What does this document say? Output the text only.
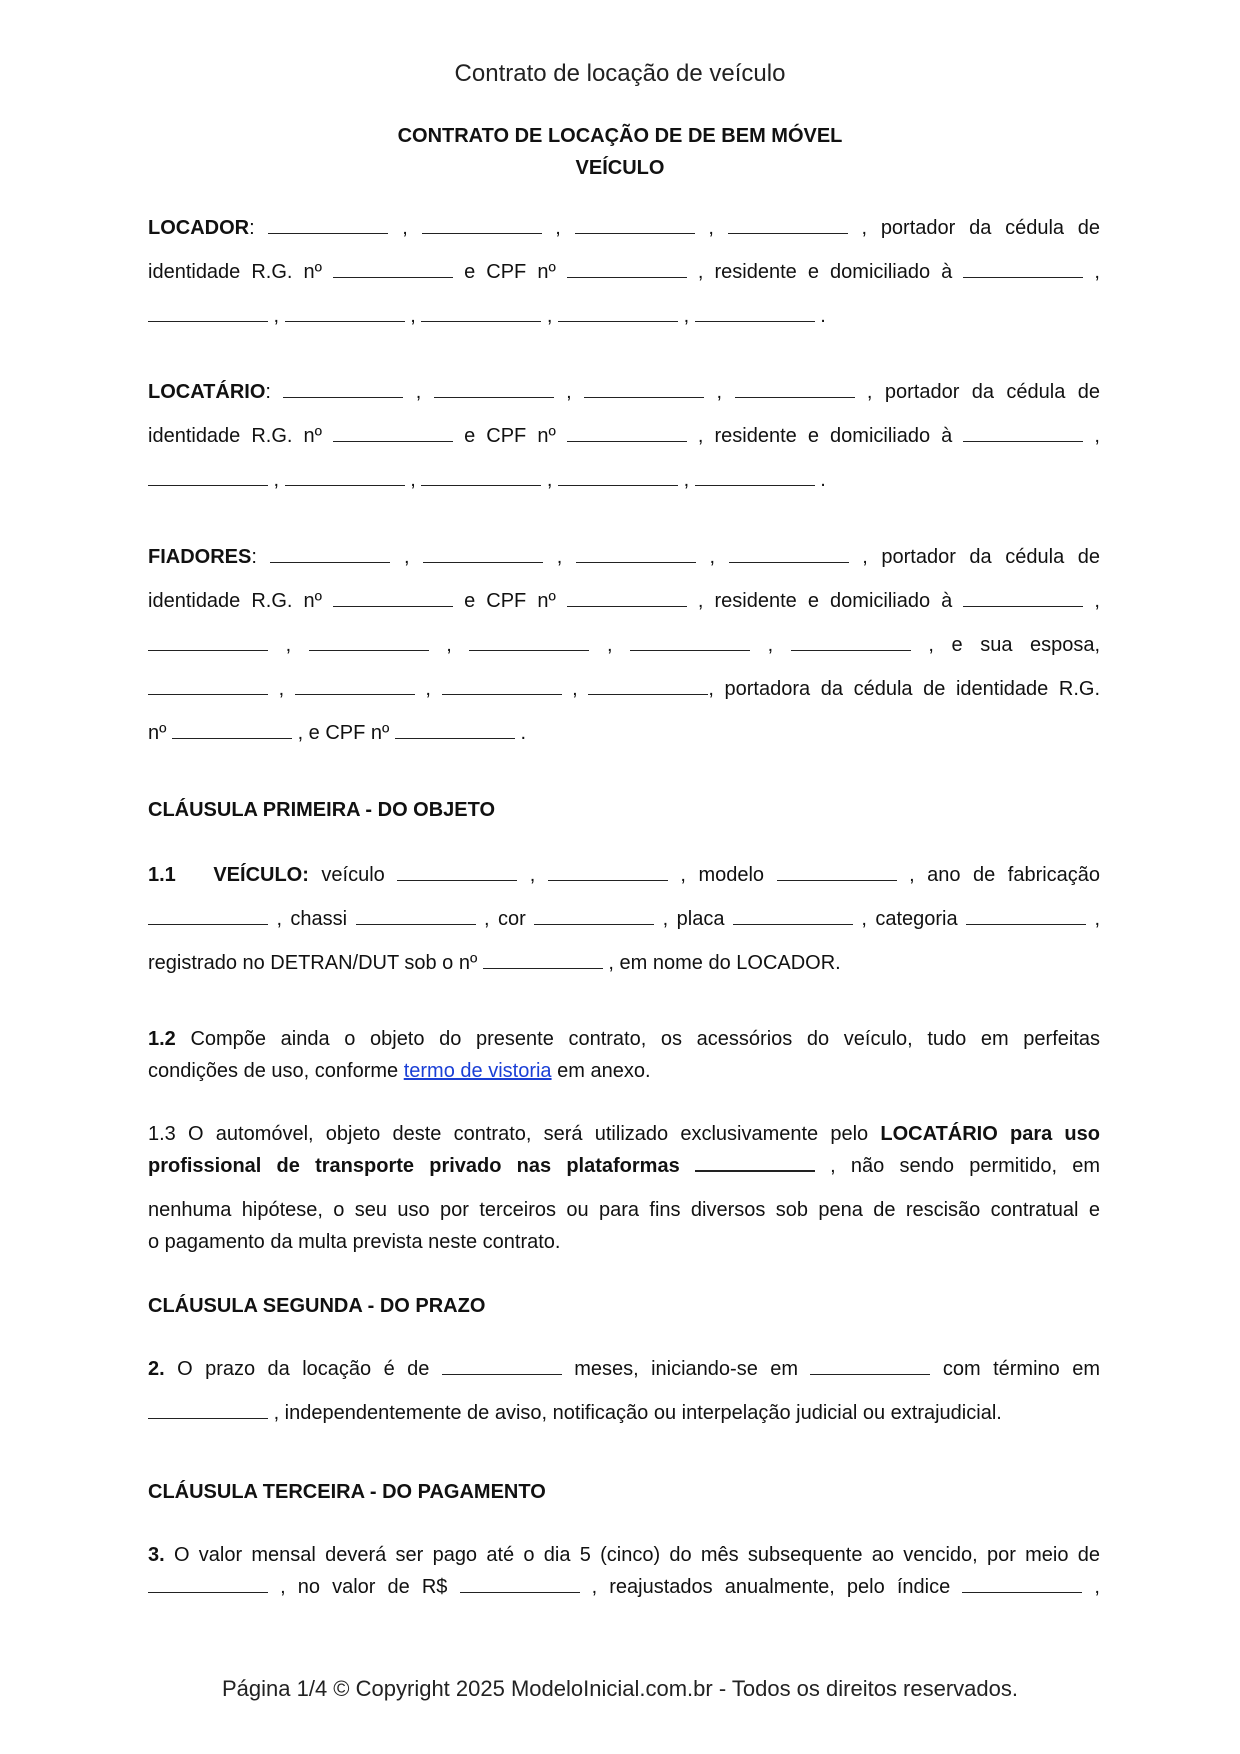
Contrato de locação de veículo
CONTRATO DE LOCAÇÃO DE DE BEM MÓVEL
VEÍCULO
LOCADOR:	,	,	,	, portador da cédula de
identidade R.G. nº	e CPF nº	, residente e domiciliado à	,
,	,	,	,	.
LOCATÁRIO:	,	,	,	, portador da cédula de
identidade R.G. nº	e CPF nº	, residente e domiciliado à	,
,	,	,	,	.
FIADORES:	,	,	,	, portador da cédula de
identidade R.G. nº	e CPF nº	, residente e domiciliado à	,
,	,	,	,	, e sua esposa,
,	,	,	, portadora da cédula de identidade R.G.
nº	, e CPF nº	.
CLÁUSULA PRIMEIRA - DO OBJETO
1.1 VEÍCULO: veículo	,	, modelo	, ano de fabricação
, chassi	, cor	, placa	, categoria	,
registrado no DETRAN/DUT sob o nº	, em nome do LOCADOR.
1.2 Compõe ainda o objeto do presente contrato, os acessórios do veículo, tudo em perfeitas
condições de uso, conforme termo de vistoria em anexo.
1.3 O automóvel, objeto deste contrato, será utilizado exclusivamente pelo LOCATÁRIO para uso
profissional de transporte privado nas plataformas	, não sendo permitido, em
nenhuma hipótese, o seu uso por terceiros ou para fins diversos sob pena de rescisão contratual e
o pagamento da multa prevista neste contrato.
CLÁUSULA SEGUNDA - DO PRAZO
2. O prazo da locação é de	meses, iniciando-se em	com término em
, independentemente de aviso, notificação ou interpelação judicial ou extrajudicial.
CLÁUSULA TERCEIRA - DO PAGAMENTO
3. O valor mensal deverá ser pago até o dia 5 (cinco) do mês subsequente ao vencido, por meio de
, no valor de R$	, reajustados anualmente, pelo índice	,
Página 1/4 © Copyright 2025 ModeloInicial.com.br - Todos os direitos reservados.
